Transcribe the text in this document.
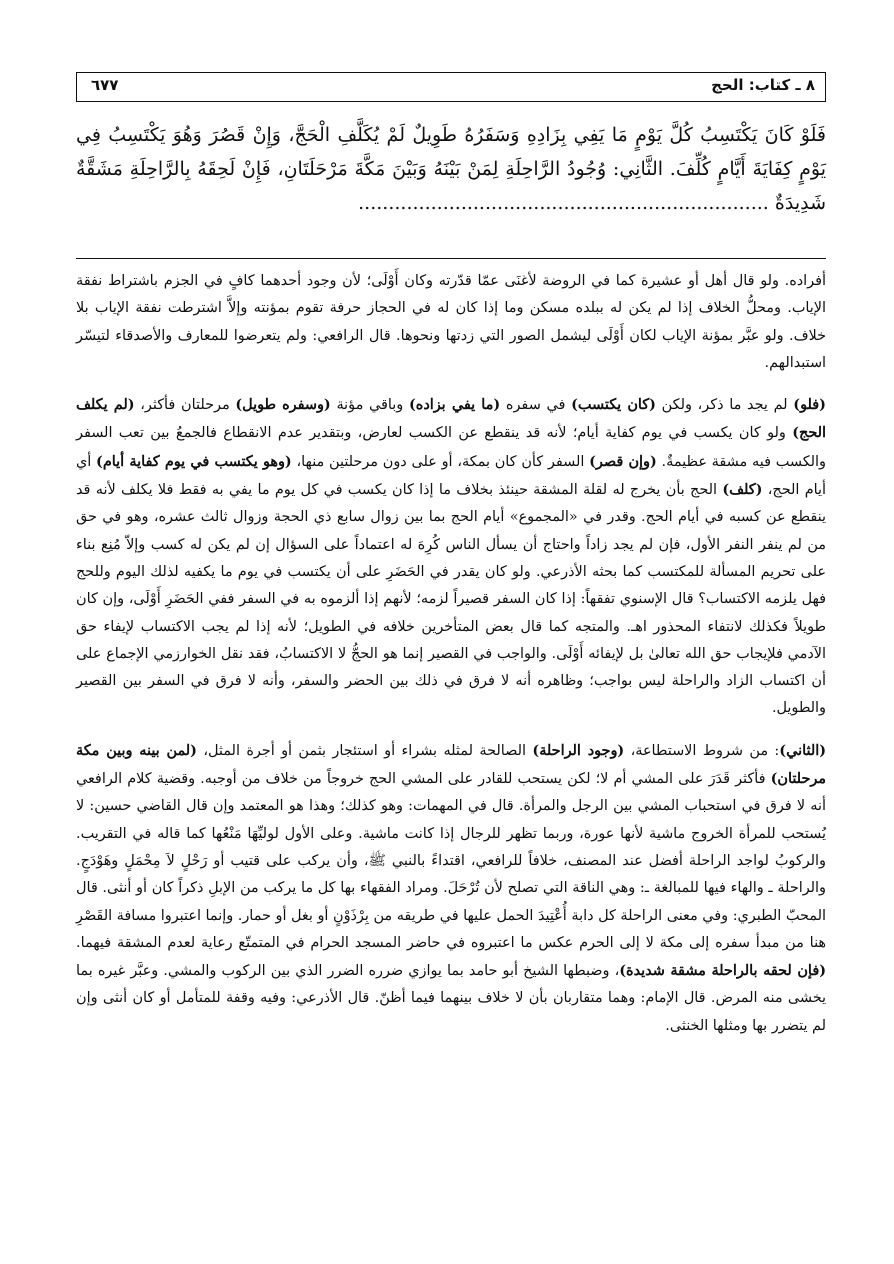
٨ ـ كتاب: الحج
٦٧٧
فَلَوْ كَانَ يَكْتَسِبُ كُلَّ يَوْمٍ مَا يَفِي بِزَادِهِ وَسَفَرُهُ طَوِيلٌ لَمْ يُكَلَّفِ الْحَجَّ، وَإِنْ قَصُرَ وَهُوَ يَكْتَسِبُ فِي يَوْمٍ كِفَايَةَ أَيَّامٍ كُلِّفَ. الثَّانِي: وُجُودُ الرَّاحِلَةِ لِمَنْ بَيْنَهُ وَبَيْنَ مَكَّةَ مَرْحَلَتَانِ، فَإِنْ لَحِقَهُ بِالرَّاحِلَةِ مَشَقَّةٌ شَدِيدَةٌ ....................................................................

أفراده. ولو قال أهل أو عشيرة كما في الروضة لأغنَى عمّا قدّرته وكان أَوْلَى؛ لأن وجود أحدهما كافٍ في الجزم باشتراط نفقة الإياب. ومحلُّ الخلاف إذا لم يكن له ببلده مسكن وما إذا كان له في الحجاز حرفة تقوم بمؤنته وإلاَّ اشترطت نفقة الإياب بلا خلاف. ولو عبَّر بمؤنة الإياب لكان أَوْلَى ليشمل الصور التي زدتها ونحوها. قال الرافعي: ولم يتعرضوا للمعارف والأصدقاء لتيسّر استبدالهم.

(فلو) لم يجد ما ذكر، ولكن (كان يكتسب) في سفره (ما يفي بزاده) وباقي مؤنة (وسفره طويل) مرحلتان فأكثر، (لم يكلف الحج) ولو كان يكسب في يوم كفاية أيام؛ لأنه قد ينقطع عن الكسب لعارض، وبتقدير عدم الانقطاع فالجمعُ بين تعب السفر والكسب فيه مشقة عظيمةٌ. (وإن قصر) السفر كأن كان بمكة، أو على دون مرحلتين منها، (وهو يكتسب في يوم كفاية أيام) أي أيام الحج، (كلف) الحج بأن يخرج له لقلة المشقة حينئذ بخلاف ما إذا كان يكسب في كل يوم ما يفي به فقط فلا يكلف لأنه قد ينقطع عن كسبه في أيام الحج. وقدر في «المجموع» أيام الحج بما بين زوال سابع ذي الحجة وزوال ثالث عشره، وهو في حق من لم ينفر النفر الأول، فإن لم يجد زاداً واحتاج أن يسأل الناس كُرِهَ له اعتماداً على السؤال إن لم يكن له كسب وإلاّ مُنِع بناء على تحريم المسألة للمكتسب كما بحثه الأذرعي. ولو كان يقدر في الحَضَرِ على أن يكتسب في يوم ما يكفيه لذلك اليوم وللحج فهل يلزمه الاكتساب؟ قال الإسنوي تفقهاً: إذا كان السفر قصيراً لزمه؛ لأنهم إذا ألزموه به في السفر ففي الحَضَرِ أَوْلَى، وإن كان طويلاً فكذلك لانتفاء المحذور اهـ. والمتجه كما قال بعض المتأخرين خلافه في الطويل؛ لأنه إذا لم يجب الاكتساب لإيفاء حق الآدمي فلإيجاب حق الله تعالىٰ بل لإيفائه أَوْلَى. والواجب في القصير إنما هو الحجُّ لا الاكتسابُ، فقد نقل الخوارزمي الإجماع على أن اكتساب الزاد والراحلة ليس بواجب؛ وظاهره أنه لا فرق في ذلك بين الحضر والسفر، وأنه لا فرق في السفر بين القصير والطويل.

(الثاني): من شروط الاستطاعة، (وجود الراحلة) الصالحة لمثله بشراء أو استئجار بثمن أو أجرة المثل، (لمن بينه وبين مكة مرحلتان) فأكثر قَدَرَ على المشي أم لا؛ لكن يستحب للقادر على المشي الحج خروجاً من خلاف من أوجبه. وقضية كلام الرافعي أنه لا فرق في استحباب المشي بين الرجل والمرأة. قال في المهمات: وهو كذلك؛ وهذا هو المعتمد وإن قال القاضي حسين: لا يُستحب للمرأة الخروج ماشية لأنها عورة، وربما تظهر للرجال إذا كانت ماشية. وعلى الأول لوليِّهَا مَنْعُها كما قاله في التقريب. والركوبُ لواجد الراحلة أفضل عند المصنف، خلافاً للرافعي، اقتداءً بالنبي ﷺ، وأن يركب على قتيب أو رَحْلٍ لاَ مِحْمَلٍ وهَوْدَجٍ. والراحلة ـ والهاء فيها للمبالغة ـ: وهي الناقة التي تصلح لأن تُرْحَلَ. ومراد الفقهاء بها كل ما يركب من الإبلِ ذكراً كان أو أنثى. قال المحبّ الطبري: وفي معنى الراحلة كل دابة أُعْتِيدَ الحمل عليها في طريقه من بِرْذَوْنٍ أو بغل أو حمار. وإنما اعتبروا مسافة القَصْرِ هنا من مبدأ سفره إلى مكة لا إلى الحرم عكس ما اعتبروه في حاضر المسجد الحرام في المتمتّع رعاية لعدم المشقة فيهما. (فإن لحقه بالراحلة مشقة شديدة)، وضبطها الشيخ أبو حامد بما يوازي ضرره الضرر الذي بين الركوب والمشي. وعبَّر غيره بما يخشى منه المرض. قال الإمام: وهما متقاربان بأن لا خلاف بينهما فيما أظنّ. قال الأذرعي: وفيه وقفة للمتأمل أو كان أنثى وإن لم يتضرر بها ومثلها الخنثى.
